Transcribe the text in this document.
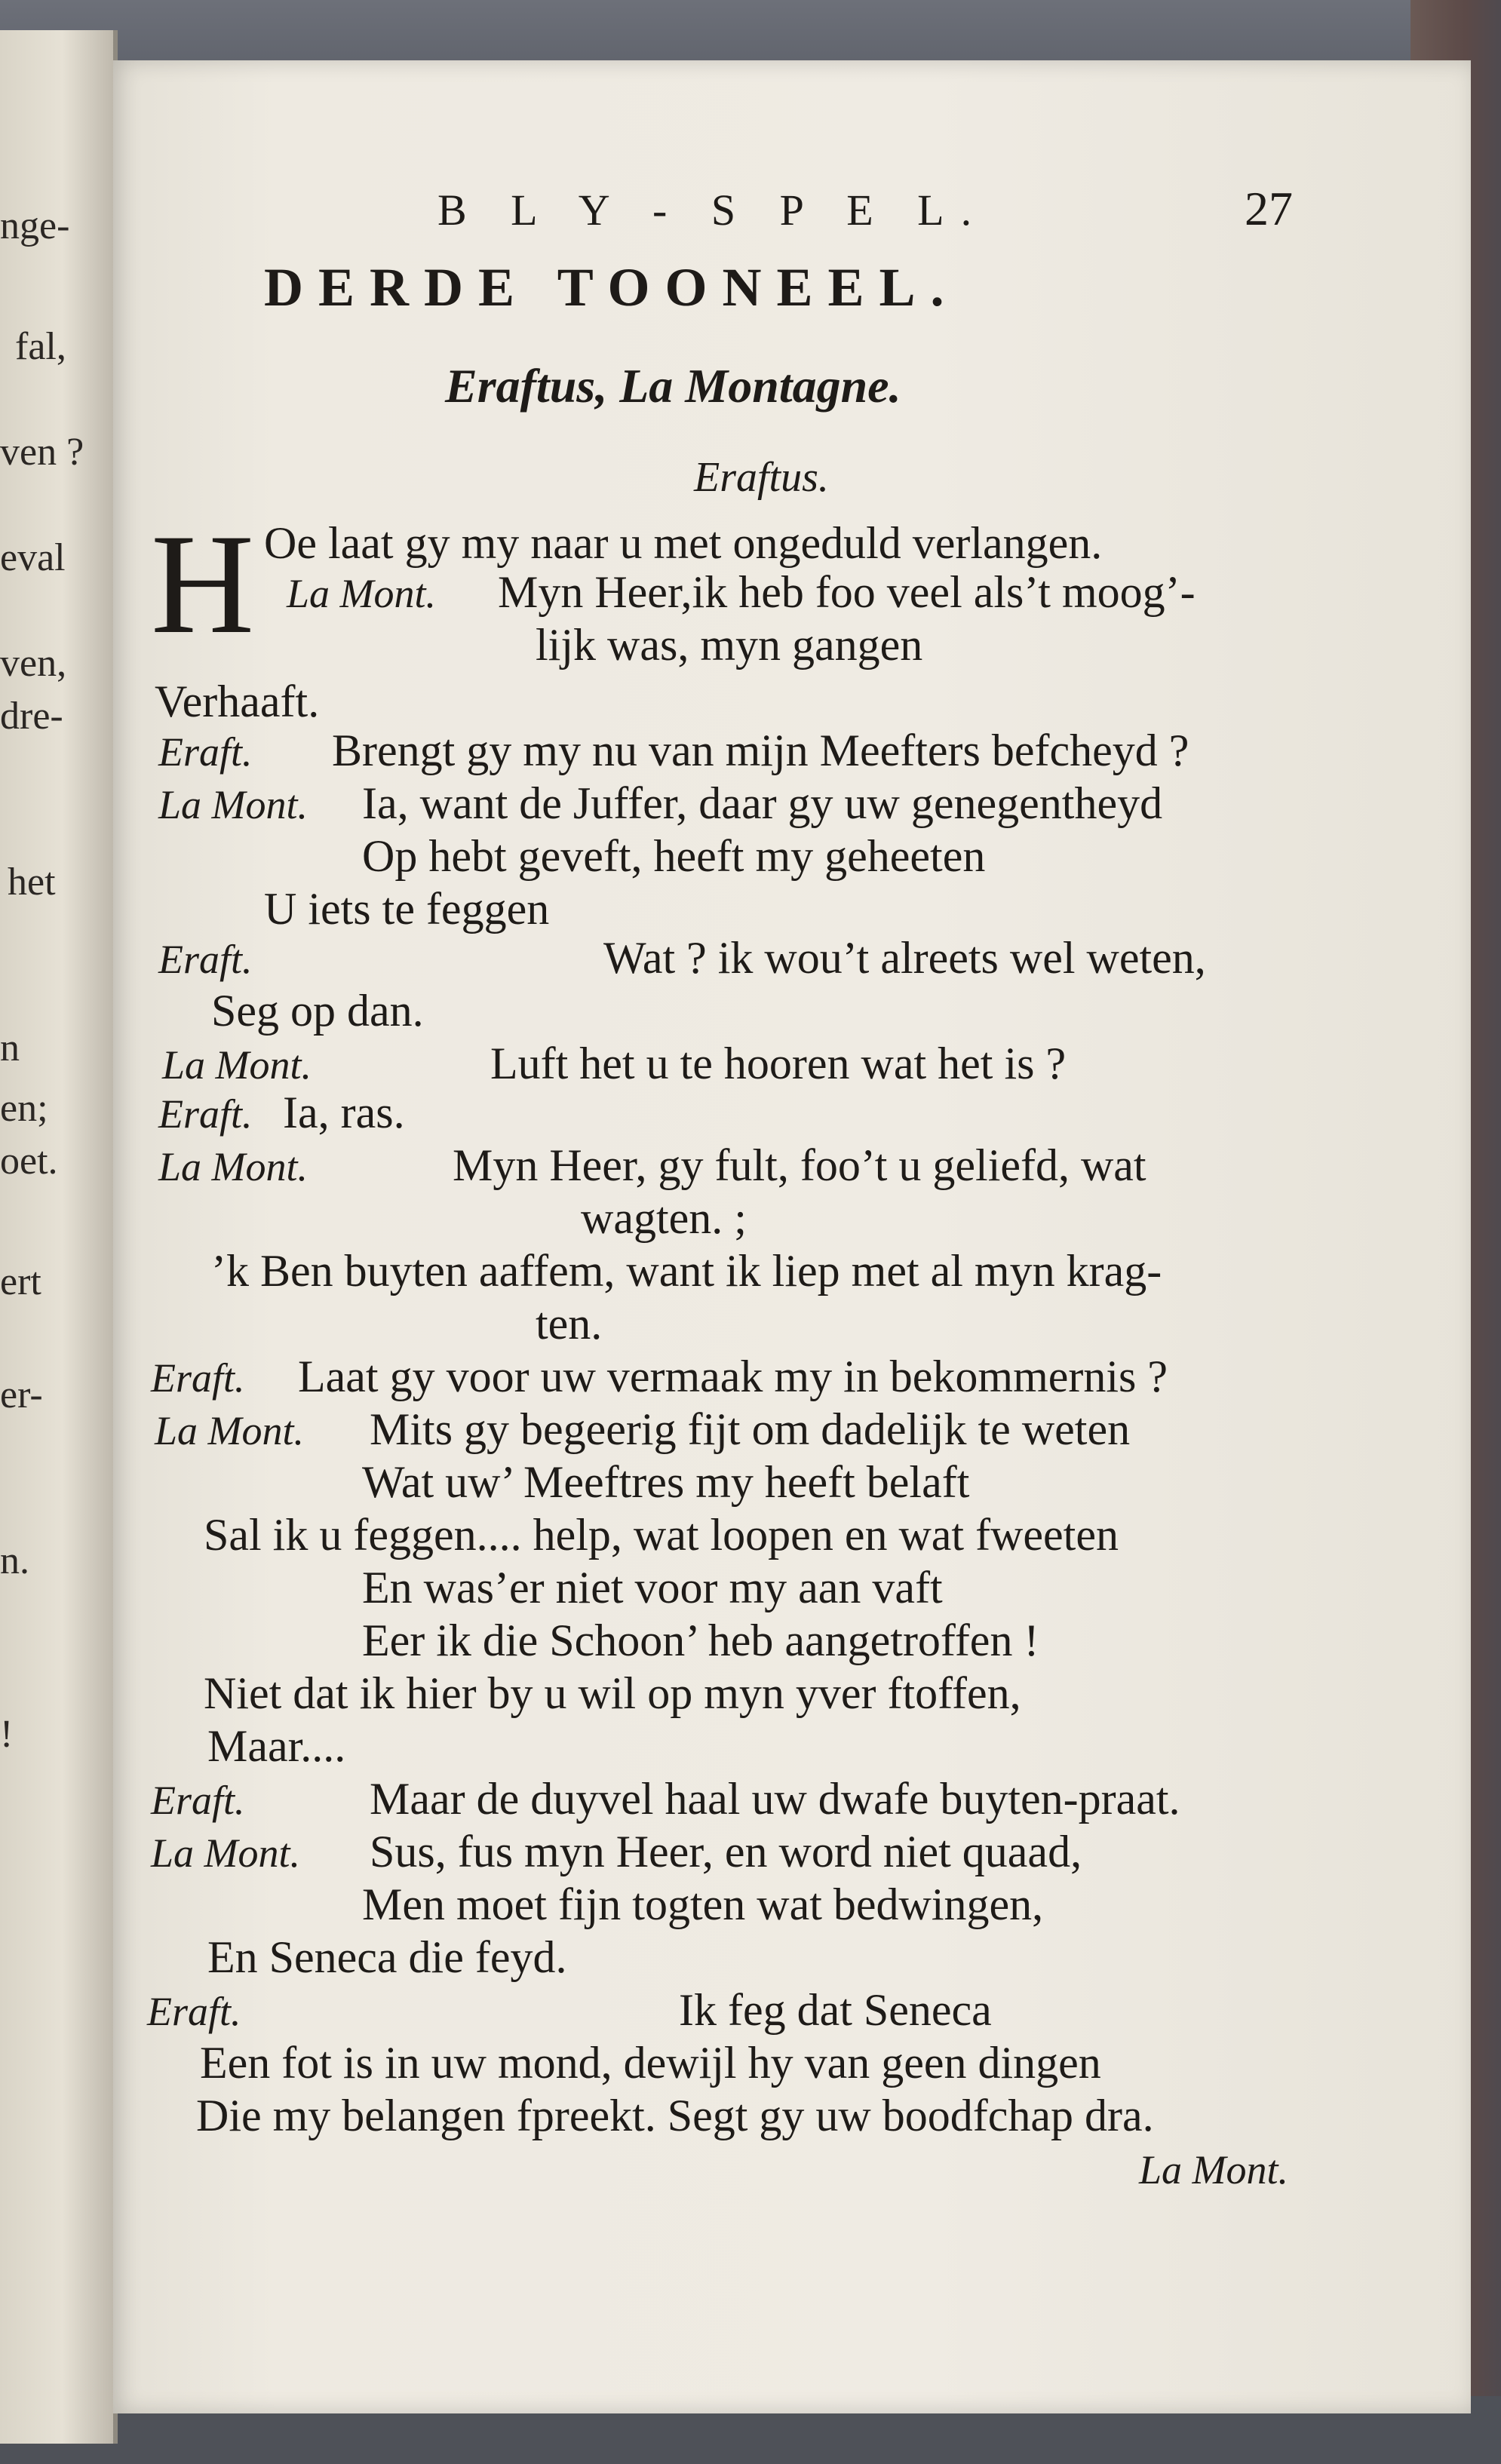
nge-
fal,
ven ?
eval
ven,
dre-
het
n
en;
oet.
ert
er-
n.
!
B L Y - S P E L.	27
DERDE TOONEEL.
Eraftus, La Montagne.
Eraftus.
H Oe laat gy my naar u met ongeduld verlangen.
La Mont. Myn Heer,ik heb foo veel als’t moog’-
lijk was, myn gangen
Verhaaft.
Eraft. Brengt gy my nu van mijn Meefters befcheyd ?
La Mont. Ia, want de Juffer, daar gy uw genegentheyd
Op hebt geveft, heeft my geheeten
U iets te feggen
Eraft.	Wat ? ik wou’t alreets wel weten,
Seg op dan.
La Mont.	Luft het u te hooren wat het is ?
Eraft. Ia, ras.
La Mont.	Myn Heer, gy fult, foo’t u geliefd, wat
wagten. ;
’k Ben buyten aaffem, want ik liep met al myn krag-
ten.
Eraft. Laat gy voor uw vermaak my in bekommernis ?
La Mont. Mits gy begeerig fijt om dadelijk te weten
Wat uw’ Meeftres my heeft belaft
Sal ik u feggen.... help, wat loopen en wat fweeten
En was’er niet voor my aan vaft
Eer ik die Schoon’ heb aangetroffen !
Niet dat ik hier by u wil op myn yver ftoffen,
Maar....
Eraft.	Maar de duyvel haal uw dwafe buyten-praat.
La Mont. Sus, fus myn Heer, en word niet quaad,
Men moet fijn togten wat bedwingen,
En Seneca die feyd.
Eraft.	Ik feg dat Seneca
Een fot is in uw mond, dewijl hy van geen dingen
Die my belangen fpreekt. Segt gy uw boodfchap dra.
La Mont.
